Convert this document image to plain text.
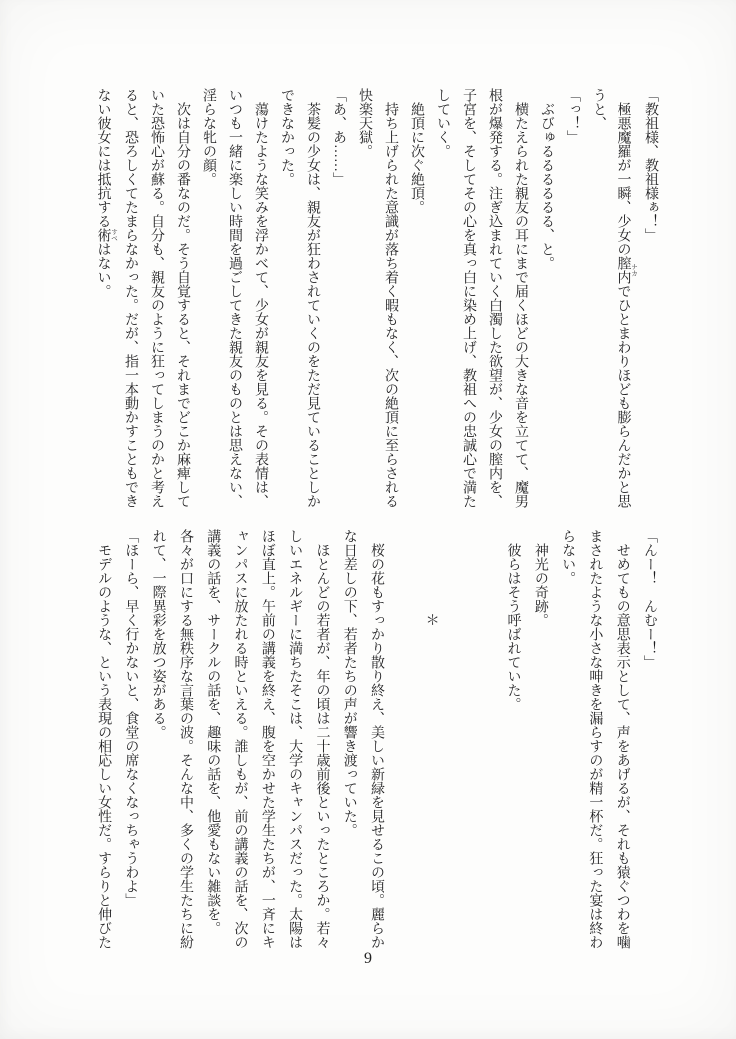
「教祖様、教祖様ぁ！」
　極悪魔羅が一瞬、少女の膣内 ナカでひとまわりほども膨らんだかと思
うと、
「っ！」
　ぶびゅるるるるるる、と。
　横たえられた親友の耳にまで届くほどの大きな音を立てて、魔男
根が爆発する。注ぎ込まれていく白濁した欲望が、少女の膣内を、
子宮を、そしてその心を真っ白に染め上げ、教祖への忠誠心で満た
していく。
　絶頂に次ぐ絶頂。
　持ち上げられた意識が落ち着く暇もなく、次の絶頂に至らされる
快楽天獄。
「あ、あ……」
　茶髪の少女は、親友が狂わされていくのをただ見ていることしか
できなかった。
　蕩けたような笑みを浮かべて、少女が親友を見る。その表情は、
いつも一緒に楽しい時間を過ごしてきた親友のものとは思えない、
淫らな牝の顔。
　次は自分の番なのだ。そう自覚すると、それまでどこか麻痺して
いた恐怖心が蘇る。自分も、親友のように狂ってしまうのかと考え
ると、恐ろしくてたまらなかった。だが、指一本動かすこともでき
ない彼女には抵抗する術 すべはない。
「んー！　んむー！」
　せめてもの意思表示として、声をあげるが、それも猿ぐつわを噛
まされたような小さな呻きを漏らすのが精一杯だ。狂った宴は終わ
らない。
　神光の奇跡。
　彼らはそう呼ばれていた。
　　　　　　＊
　桜の花もすっかり散り終え、美しい新緑を見せるこの頃。麗らか
な日差しの下、若者たちの声が響き渡っていた。
　ほとんどの若者が、年の頃は二十歳前後といったところか。若々
しいエネルギーに満ちたそこは、大学のキャンパスだった。太陽は
ほぼ直上。午前の講義を終え、腹を空かせた学生たちが、一斉にキ
ャンパスに放たれる時といえる。誰しもが、前の講義の話を、次の
講義の話を、サークルの話を、趣味の話を、他愛もない雑談を。
各々が口にする無秩序な言葉の波。そんな中、多くの学生たちに紛
れて、一際異彩を放つ姿がある。
「ほーら、早く行かないと、食堂の席なくなっちゃうわよ」
　モデルのような、という表現の相応しい女性だ。すらりと伸びた
9
